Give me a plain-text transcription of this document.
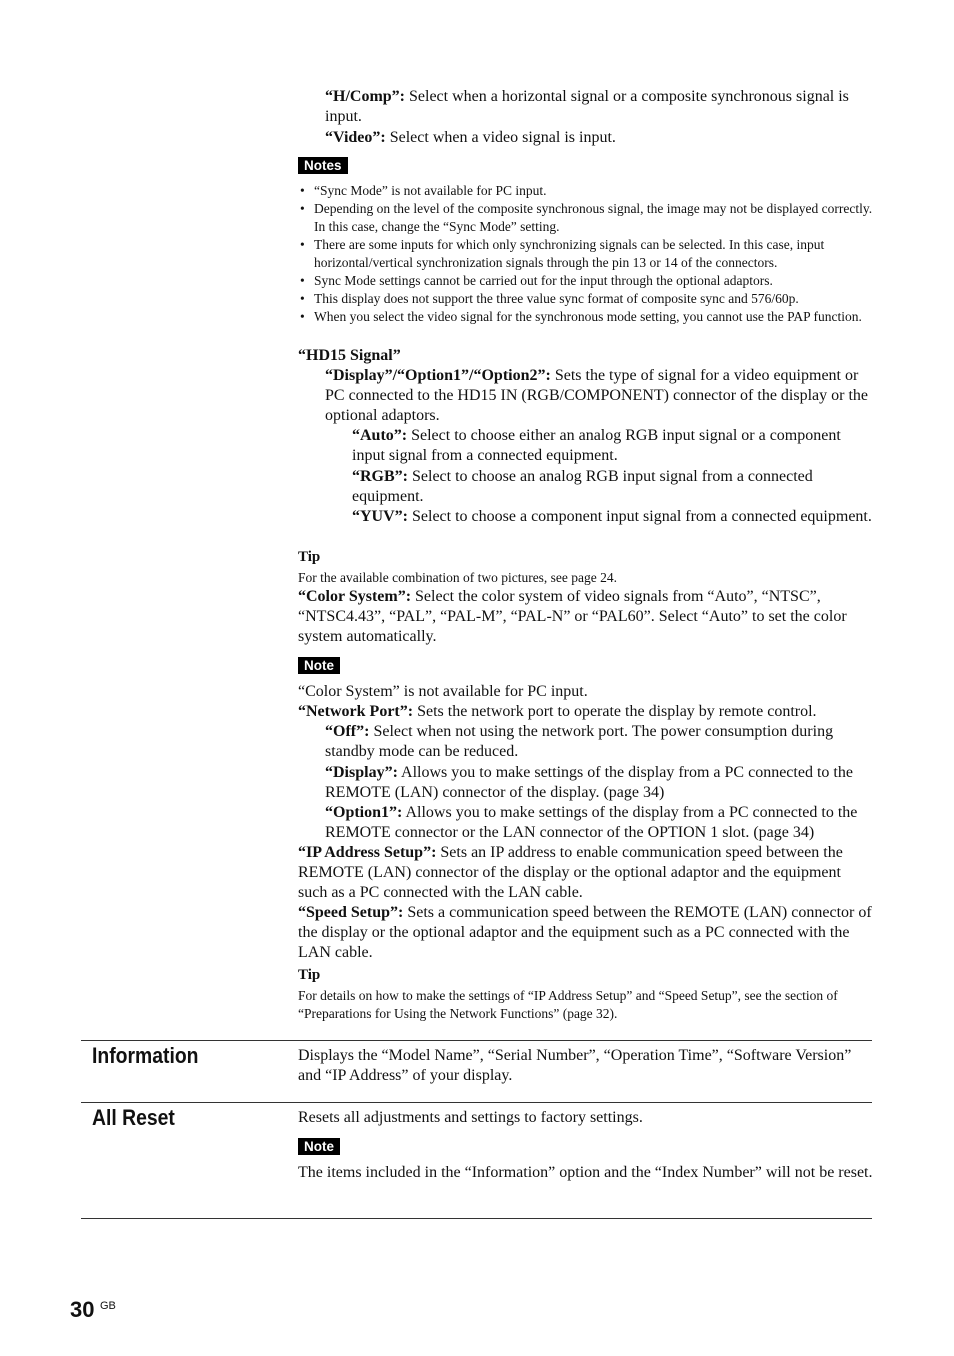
“H/Comp”: Select when a horizontal signal or a composite synchronous signal is input.
“Video”: Select when a video signal is input.
Notes
• “Sync Mode” is not available for PC input.
• Depending on the level of the composite synchronous signal, the image may not be displayed correctly. In this case, change the “Sync Mode” setting.
• There are some inputs for which only synchronizing signals can be selected. In this case, input horizontal/vertical synchronization signals through the pin 13 or 14 of the connectors.
• Sync Mode settings cannot be carried out for the input through the optional adaptors.
• This display does not support the three value sync format of composite sync and 576/60p.
• When you select the video signal for the synchronous mode setting, you cannot use the PAP function.
“HD15 Signal”
“Display”/“Option1”/“Option2”: Sets the type of signal for a video equipment or PC connected to the HD15 IN (RGB/COMPONENT) connector of the display or the optional adaptors.
“Auto”: Select to choose either an analog RGB input signal or a component input signal from a connected equipment.
“RGB”: Select to choose an analog RGB input signal from a connected equipment.
“YUV”: Select to choose a component input signal from a connected equipment.
Tip
For the available combination of two pictures, see page 24.
“Color System”: Select the color system of video signals from “Auto”, “NTSC”, “NTSC4.43”, “PAL”, “PAL-M”, “PAL-N” or “PAL60”. Select “Auto” to set the color system automatically.
Note
“Color System” is not available for PC input.
“Network Port”: Sets the network port to operate the display by remote control.
“Off”: Select when not using the network port. The power consumption during standby mode can be reduced.
“Display”: Allows you to make settings of the display from a PC connected to the REMOTE (LAN) connector of the display. (page 34)
“Option1”: Allows you to make settings of the display from a PC connected to the REMOTE connector or the LAN connector of the OPTION 1 slot. (page 34)
“IP Address Setup”: Sets an IP address to enable communication speed between the REMOTE (LAN) connector of the display or the optional adaptor and the equipment such as a PC connected with the LAN cable.
“Speed Setup”: Sets a communication speed between the REMOTE (LAN) connector of the display or the optional adaptor and the equipment such as a PC connected with the LAN cable.
Tip
For details on how to make the settings of “IP Address Setup” and “Speed Setup”, see the section of “Preparations for Using the Network Functions” (page 32).
Information	Displays the “Model Name”, “Serial Number”, “Operation Time”, “Software Version” and “IP Address” of your display.
All Reset	Resets all adjustments and settings to factory settings.
Note
The items included in the “Information” option and the “Index Number” will not be reset.
30 GB
